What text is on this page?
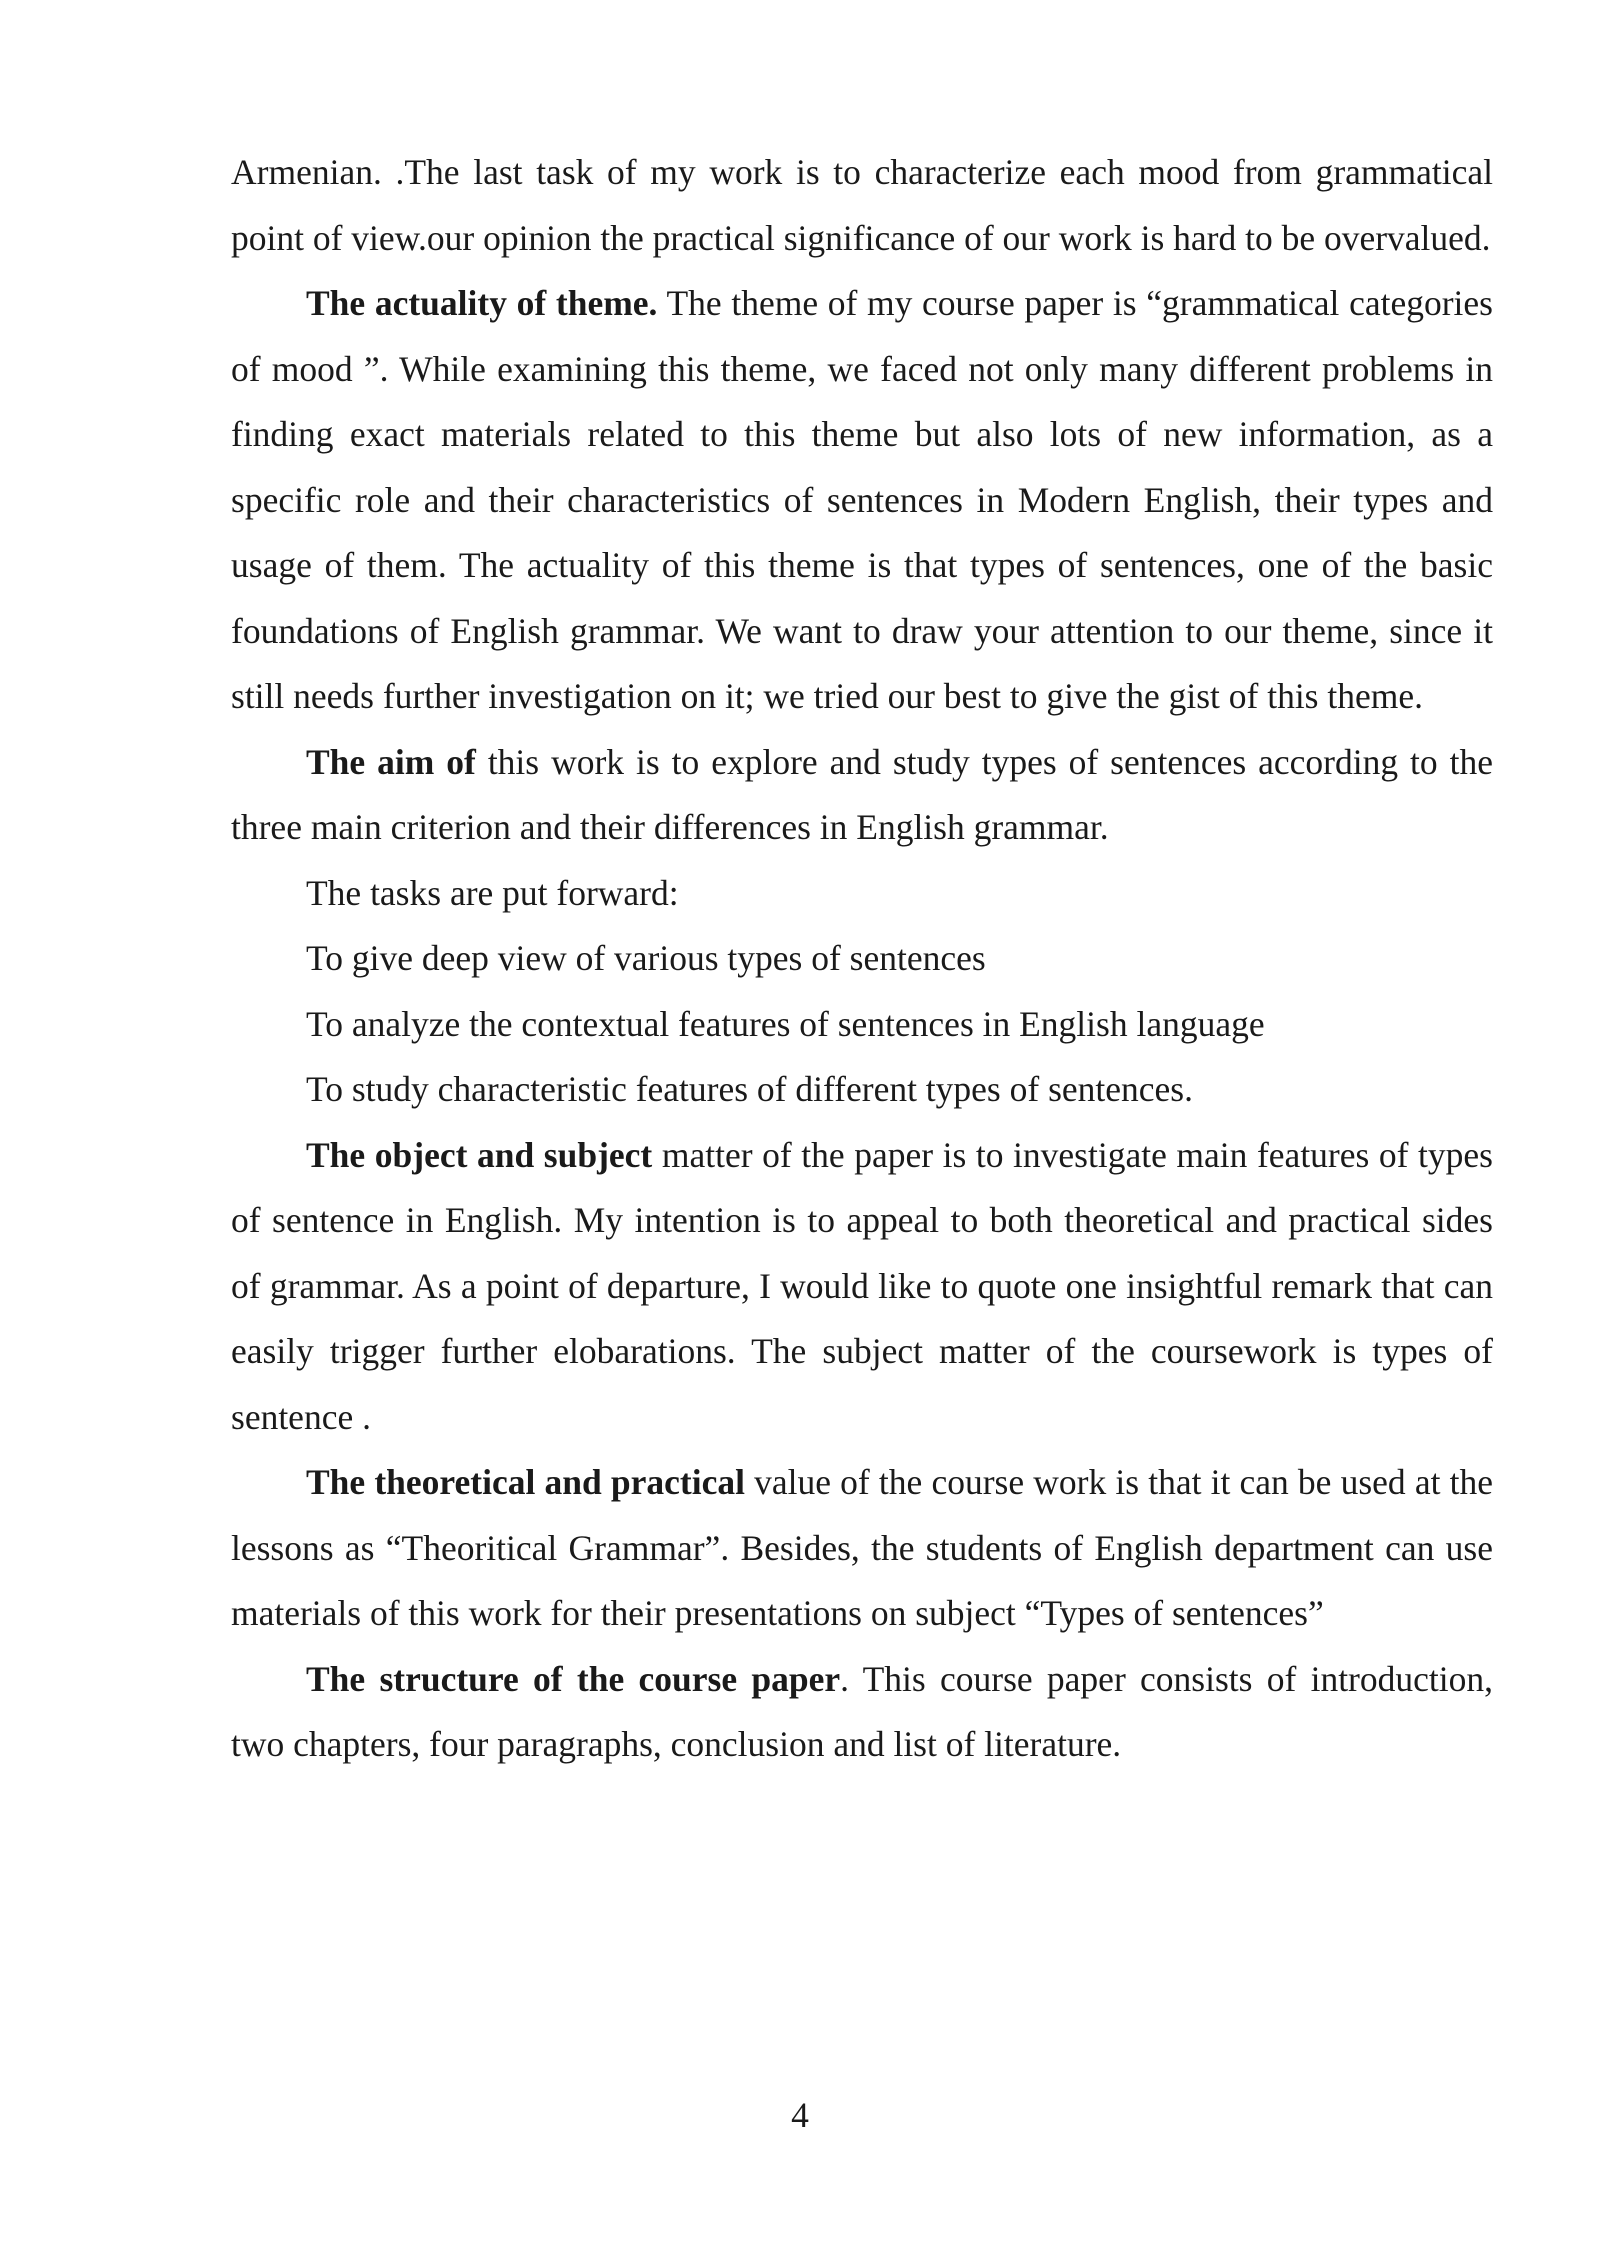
Armenian. .The last task of my work is to characterize each mood from grammatical point of view.our opinion the practical significance of our work is hard to be overvalued.

The actuality of theme. The theme of my course paper is “grammatical categories of mood ”. While examining this theme, we faced not only many different problems in finding exact materials related to this theme but also lots of new information, as a specific role and their characteristics of sentences in Modern English, their types and usage of them. The actuality of this theme is that types of sentences, one of the basic foundations of English grammar. We want to draw your attention to our theme, since it still needs further investigation on it; we tried our best to give the gist of this theme.

The aim of this work is to explore and study types of sentences according to the three main criterion and their differences in English grammar.

The tasks are put forward:

To give deep view of various types of sentences

To analyze the contextual features of sentences in English language

To study characteristic features of different types of sentences.

The object and subject matter of the paper is to investigate main features of types of sentence in English. My intention is to appeal to both theoretical and practical sides of grammar. As a point of departure, I would like to quote one insightful remark that can easily trigger further elobarations. The subject matter of the coursework is types of sentence .

The theoretical and practical value of the course work is that it can be used at the lessons as “Theoritical Grammar”. Besides, the students of English department can use materials of this work for their presentations on subject “Types of sentences”

The structure of the course paper. This course paper consists of introduction, two chapters, four paragraphs, conclusion and list of literature.

4
